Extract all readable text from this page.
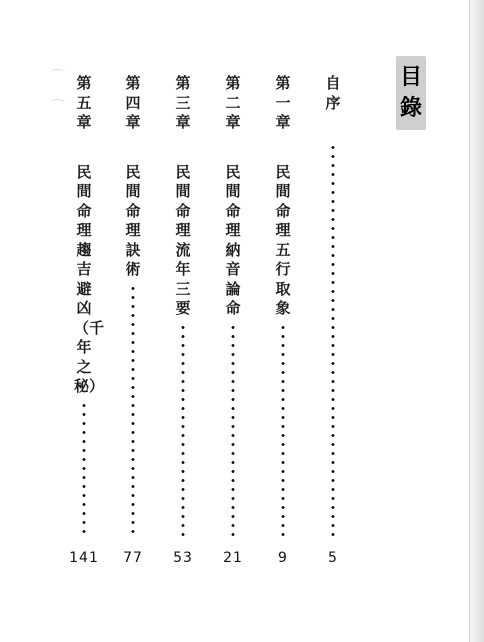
⌒
⌒
目
錄
自序
5
第一章
民間命理五行取象
9
第二章
民間命理納音論命
21
第三章
民間命理流年三要
53
第四章
民間命理訣術
77
第五章
民間命理趨吉避凶（千年之秘）
141
